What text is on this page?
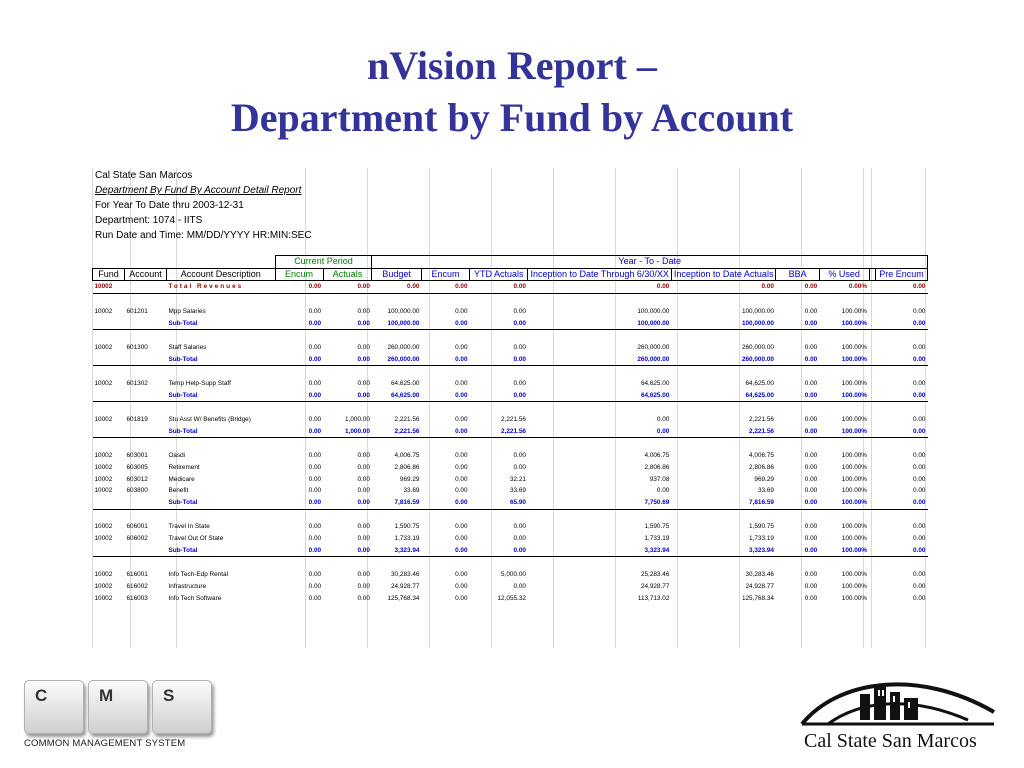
nVision Report –
Department by Fund by Account
Cal State San Marcos
Department By Fund By Account Detail Report
For Year To Date thru 2003-12-31
Department: 1074 - IITS
Run Date and Time: MM/DD/YYYY HR:MIN:SEC
			Current Period		Year - To - Date								
Fund	Account	Account Description	Encum	Actuals	Budget	Encum	YTD Actuals	Inception to Date Through 6/30/XX	Inception to Date Actuals	BBA	% Used		Pre Encum
10002		Total Revenues	0.00	0.00	0.00	0.00	0.00	0.00	0.00	0.00	0.00%		0.00

10002	601201	Mpp Salaries	0.00	0.00	100,000.00	0.00	0.00	100,000.00	100,000.00	0.00	100.00%		0.00
		Sub-Total	0.00	0.00	100,000.00	0.00	0.00	100,000.00	100,000.00	0.00	100.00%		0.00

10002	601300	Staff Salaries	0.00	0.00	260,000.00	0.00	0.00	260,000.00	260,000.00	0.00	100.00%		0.00
		Sub-Total	0.00	0.00	260,000.00	0.00	0.00	260,000.00	260,000.00	0.00	100.00%		0.00

10002	601302	Temp Help-Supp Staff	0.00	0.00	64,625.00	0.00	0.00	64,625.00	64,625.00	0.00	100.00%		0.00
		Sub-Total	0.00	0.00	64,625.00	0.00	0.00	64,625.00	64,625.00	0.00	100.00%		0.00

10002	601819	Stu Asst W/ Benefits (Bridge)	0.00	1,000.00	2,221.56	0.00	2,221.56	0.00	2,221.56	0.00	100.00%		0.00
		Sub-Total	0.00	1,000.00	2,221.56	0.00	2,221.56	0.00	2,221.56	0.00	100.00%		0.00

10002	603001	Oasdi	0.00	0.00	4,006.75	0.00	0.00	4,006.75	4,006.75	0.00	100.00%		0.00
10002	603005	Retirement	0.00	0.00	2,806.86	0.00	0.00	2,806.86	2,806.86	0.00	100.00%		0.00
10002	603012	Medicare	0.00	0.00	969.29	0.00	32.21	937.08	969.29	0.00	100.00%		0.00
10002	603800	Benefit	0.00	0.00	33.69	0.00	33.69	0.00	33.69	0.00	100.00%		0.00
		Sub-Total	0.00	0.00	7,816.59	0.00	65.90	7,750.69	7,816.59	0.00	100.00%		0.00

10002	606001	Travel In State	0.00	0.00	1,590.75	0.00	0.00	1,590.75	1,590.75	0.00	100.00%		0.00
10002	606002	Travel Out Of State	0.00	0.00	1,733.19	0.00	0.00	1,733.19	1,733.19	0.00	100.00%		0.00
		Sub-Total	0.00	0.00	3,323.94	0.00	0.00	3,323.94	3,323.94	0.00	100.00%		0.00

10002	616001	Info Tech-Edp Rental	0.00	0.00	30,283.46	0.00	5,000.00	25,283.46	30,283.46	0.00	100.00%		0.00
10002	616002	Infrastructure	0.00	0.00	24,928.77	0.00	0.00	24,928.77	24,928.77	0.00	100.00%		0.00
10002	616003	Info Tech Software	0.00	0.00	125,768.34	0.00	12,055.32	113,713.02	125,768.34	0.00	100.00%		0.00
C	M	S
COMMON MANAGEMENT SYSTEM	Cal State San Marcos
